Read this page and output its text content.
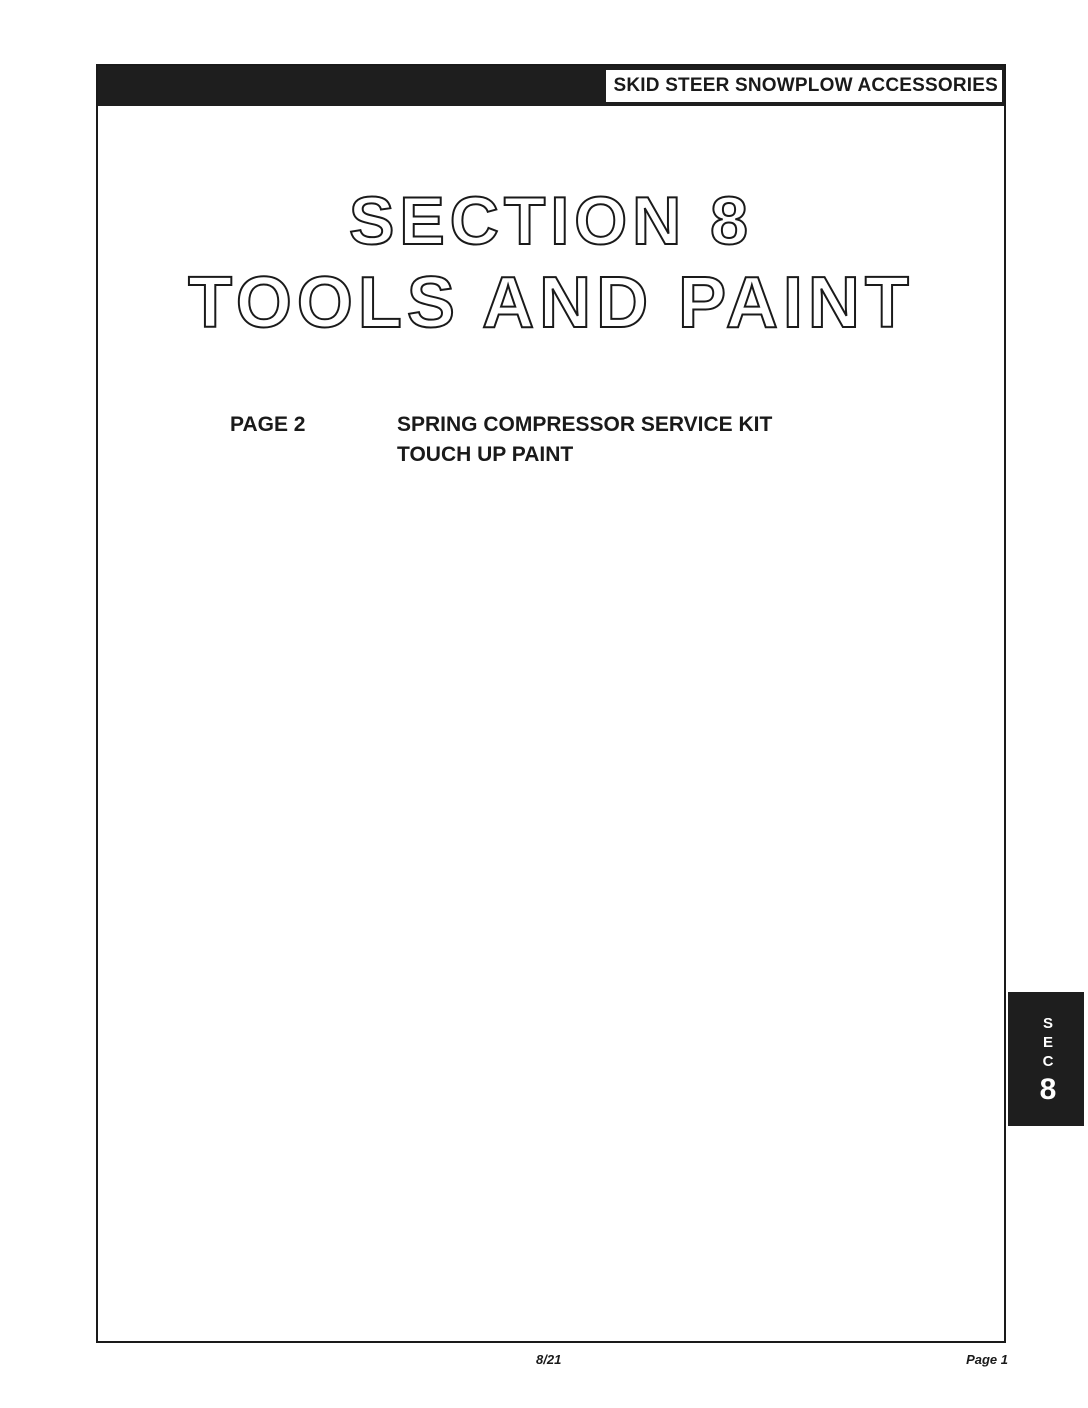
SKID STEER SNOWPLOW ACCESSORIES
SECTION 8
TOOLS AND PAINT
PAGE 2	SPRING COMPRESSOR SERVICE KIT
TOUCH UP PAINT
8/21	Page 1
S
E
C
8
